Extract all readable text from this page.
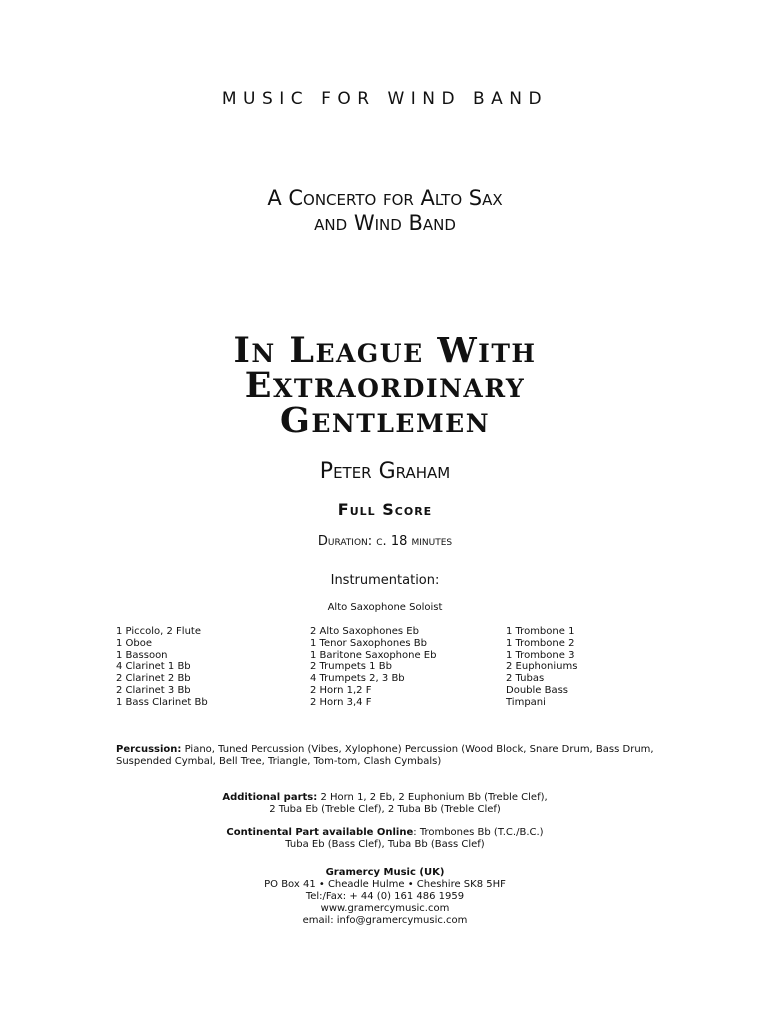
MUSIC FOR WIND BAND
A Concerto for Alto Sax
and Wind Band
In League With
Extraordinary
Gentlemen
Peter Graham
Full Score
Duration: c. 18 minutes
Instrumentation:
Alto Saxophone Soloist
1 Piccolo, 2 Flute
1 Oboe
1 Bassoon
4 Clarinet 1 Bb
2 Clarinet 2 Bb
2 Clarinet 3 Bb
1 Bass Clarinet Bb
2 Alto Saxophones Eb
1 Tenor Saxophones Bb
1 Baritone Saxophone Eb
2 Trumpets 1 Bb
4 Trumpets 2, 3 Bb
2 Horn 1,2 F
2 Horn 3,4 F
1 Trombone 1
1 Trombone 2
1 Trombone 3
2 Euphoniums
2 Tubas
Double Bass
Timpani
Percussion: Piano, Tuned Percussion (Vibes, Xylophone) Percussion (Wood Block, Snare Drum, Bass Drum, Suspended Cymbal, Bell Tree, Triangle, Tom-tom, Clash Cymbals)
Additional parts: 2 Horn 1, 2 Eb, 2 Euphonium Bb (Treble Clef),
2 Tuba Eb (Treble Clef), 2 Tuba Bb (Treble Clef)
Continental Part available Online: Trombones Bb (T.C./B.C.)
Tuba Eb (Bass Clef), Tuba Bb (Bass Clef)
Gramercy Music (UK)
PO Box 41 • Cheadle Hulme • Cheshire SK8 5HF
Tel:/Fax: + 44 (0) 161 486 1959
www.gramercymusic.com
email: info@gramercymusic.com
